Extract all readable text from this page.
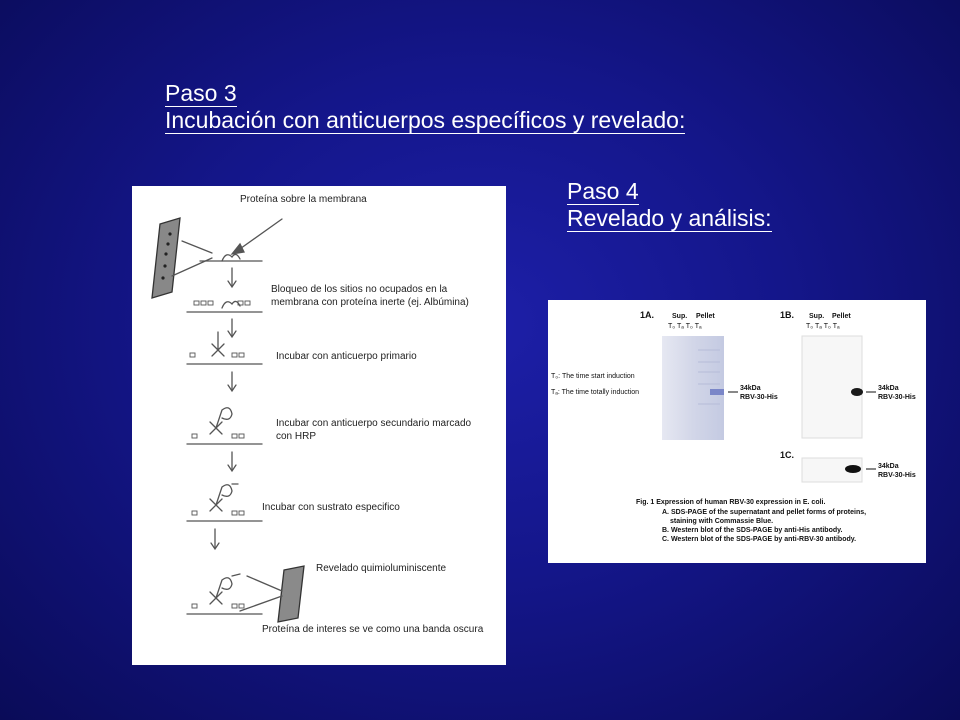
Paso 3
Incubación con anticuerpos específicos y revelado:
Paso 4
Revelado y análisis:
Proteína sobre la membrana
Bloqueo de los sitios no ocupados en la membrana con proteína inerte (ej. Albúmina)
Incubar con anticuerpo primario
Incubar con anticuerpo secundario marcado con HRP
Incubar con sustrato especifico
Revelado quimioluminiscente
Proteína de interes se ve como una banda oscura
1A.	Sup. Pellet
T₀ Tₐ T₀ Tₐ
1B. Sup. Pellet
T₀ Tₐ T₀ Tₐ
T₀: The time start induction
Tₐ: The time totally induction
34kDa
RBV-30-His
34kDa
RBV-30-His
1C.
34kDa
RBV-30-His
Fig. 1 Expression of human RBV-30 expression in E. coli.
A. SDS-PAGE of the supernatant and pellet forms of proteins,
staining with Commassie Blue.
B. Western blot of the SDS-PAGE by anti-His antibody.
C. Western blot of the SDS-PAGE by anti-RBV-30 antibody.
